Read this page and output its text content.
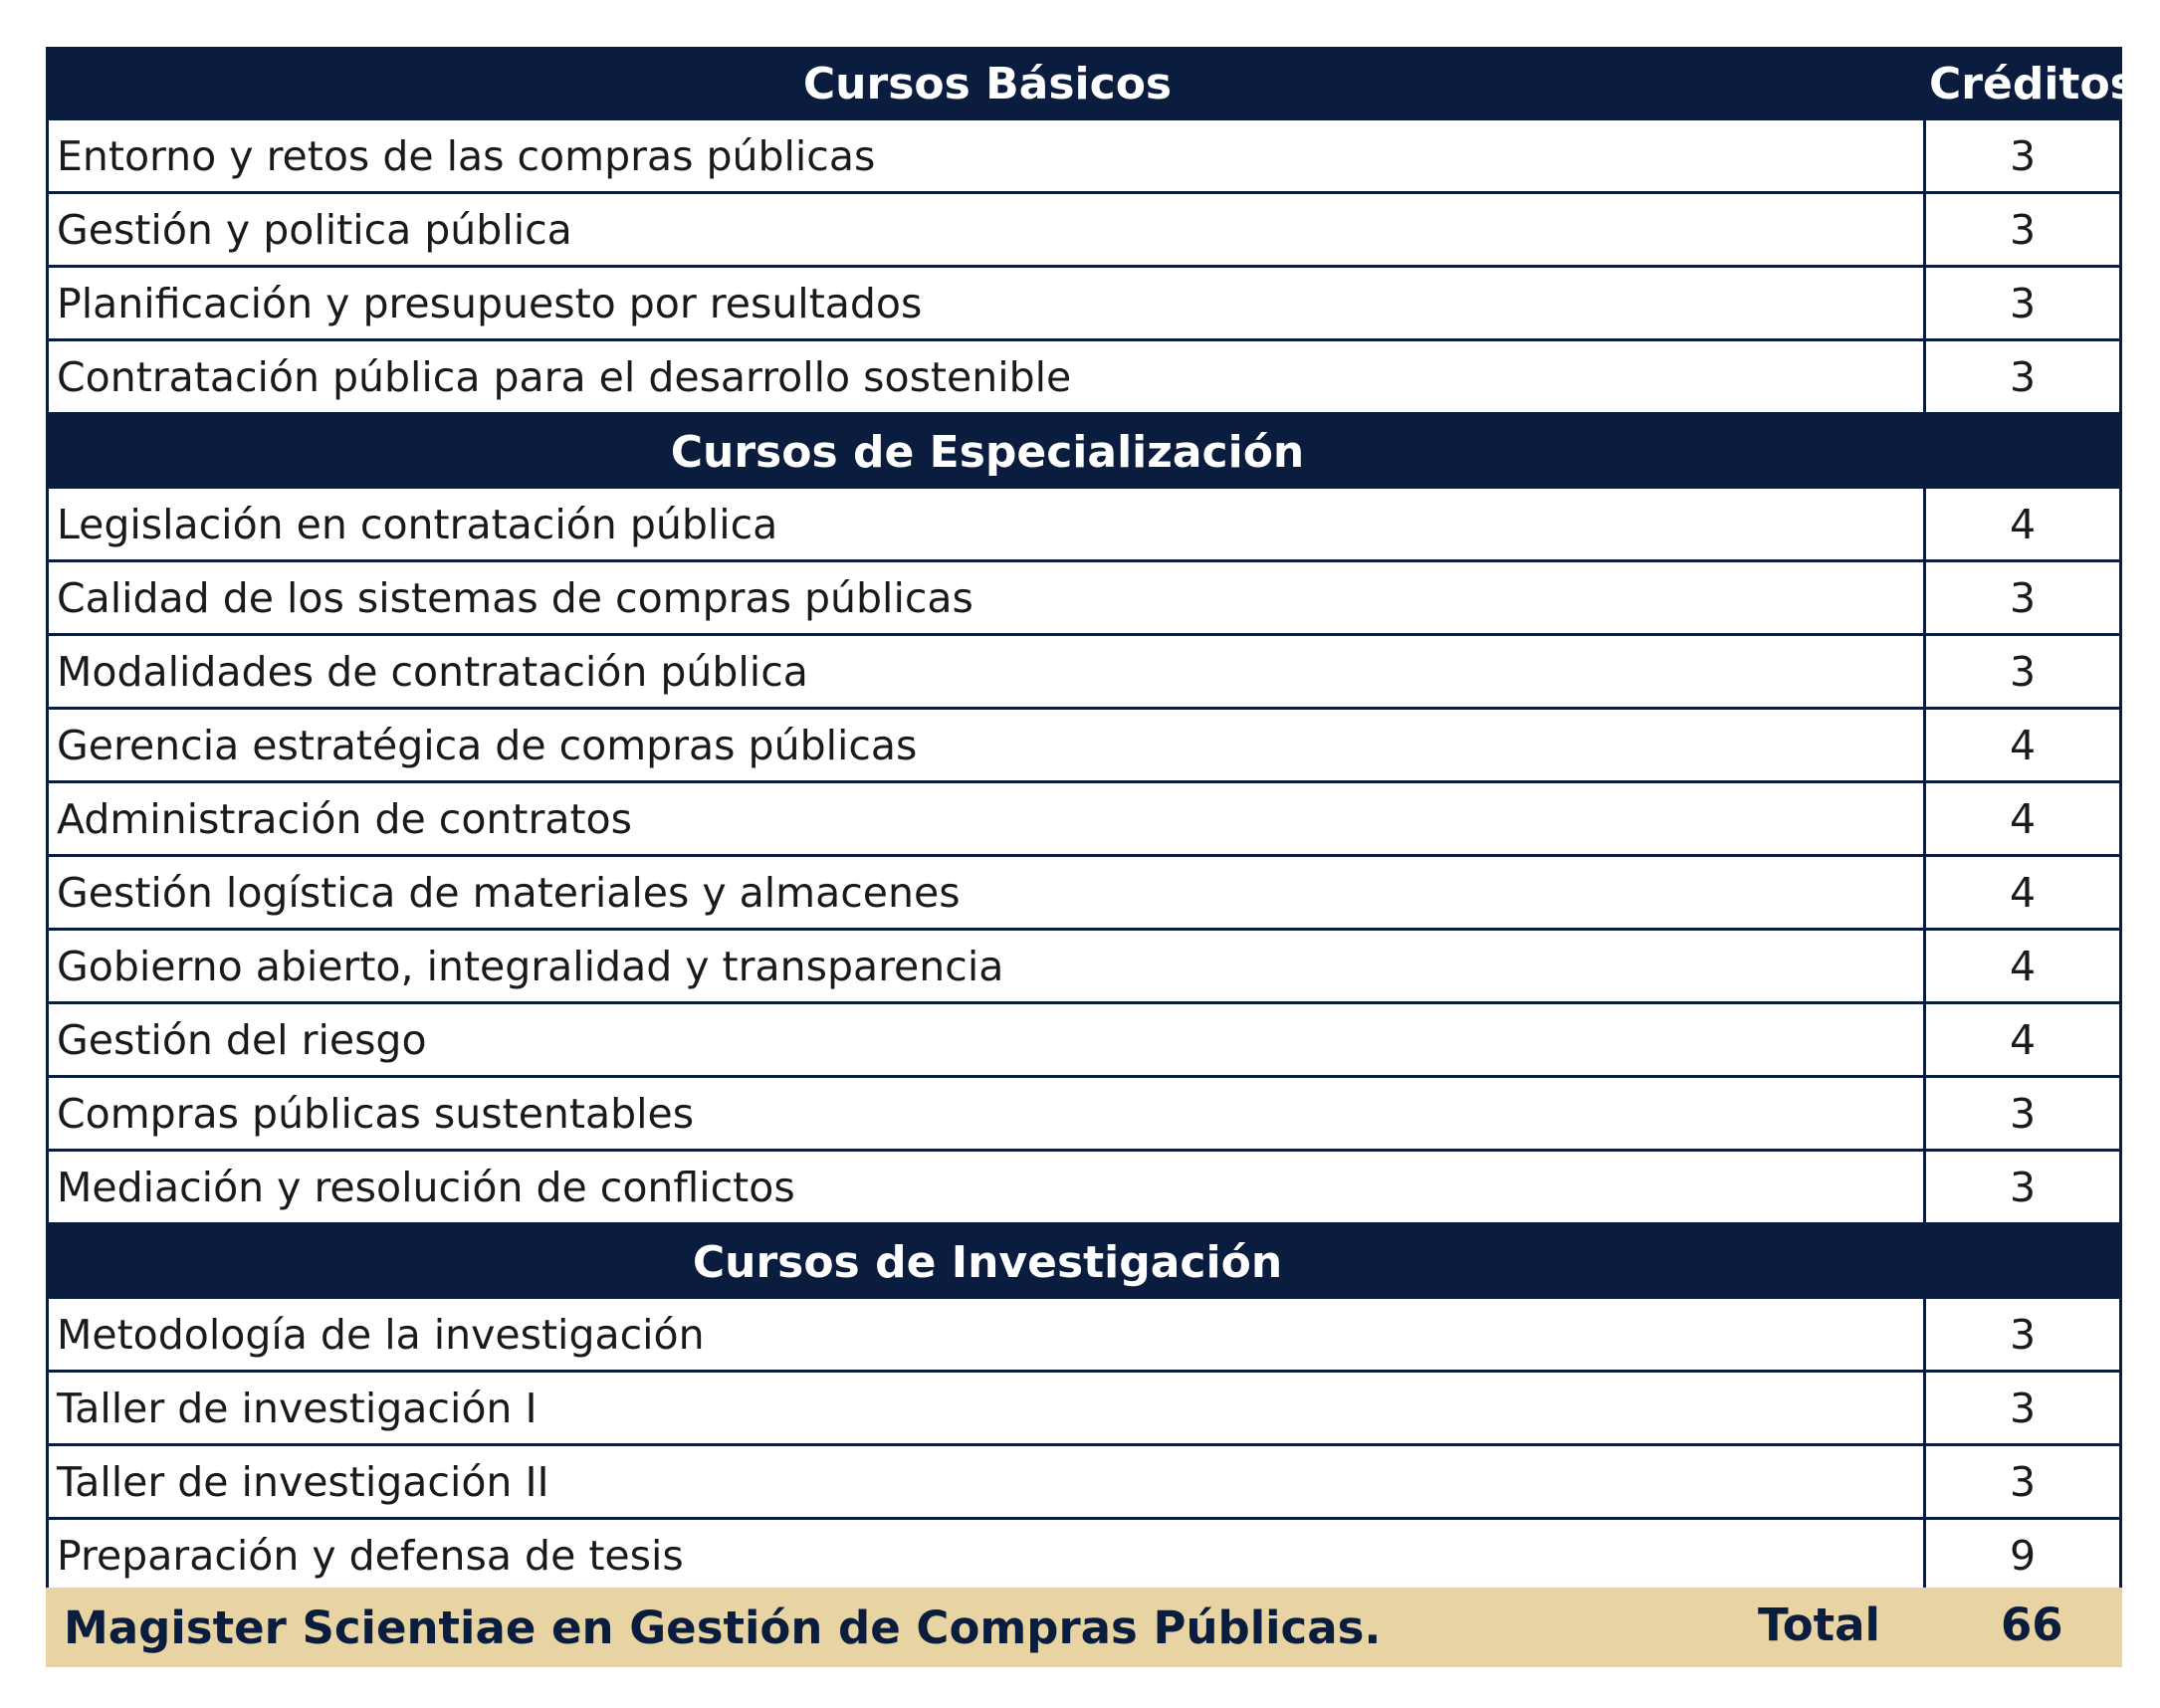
Cursos Básicos	Créditos
Entorno y retos de las compras públicas	3
Gestión y politica pública	3
Planificación y presupuesto por resultados	3
Contratación pública para el desarrollo sostenible	3
Cursos de Especialización
Legislación en contratación pública	4
Calidad de los sistemas de compras públicas	3
Modalidades de contratación pública	3
Gerencia estratégica de compras públicas	4
Administración de contratos	4
Gestión logística de materiales y almacenes	4
Gobierno abierto, integralidad y transparencia	4
Gestión del riesgo	4
Compras públicas sustentables	3
Mediación y resolución de conflictos	3
Cursos de Investigación
Metodología de la investigación	3
Taller de investigación I	3
Taller de investigación II	3
Preparación y defensa de tesis	9
Magister Scientiae en Gestión de Compras Públicas.	Total	66
